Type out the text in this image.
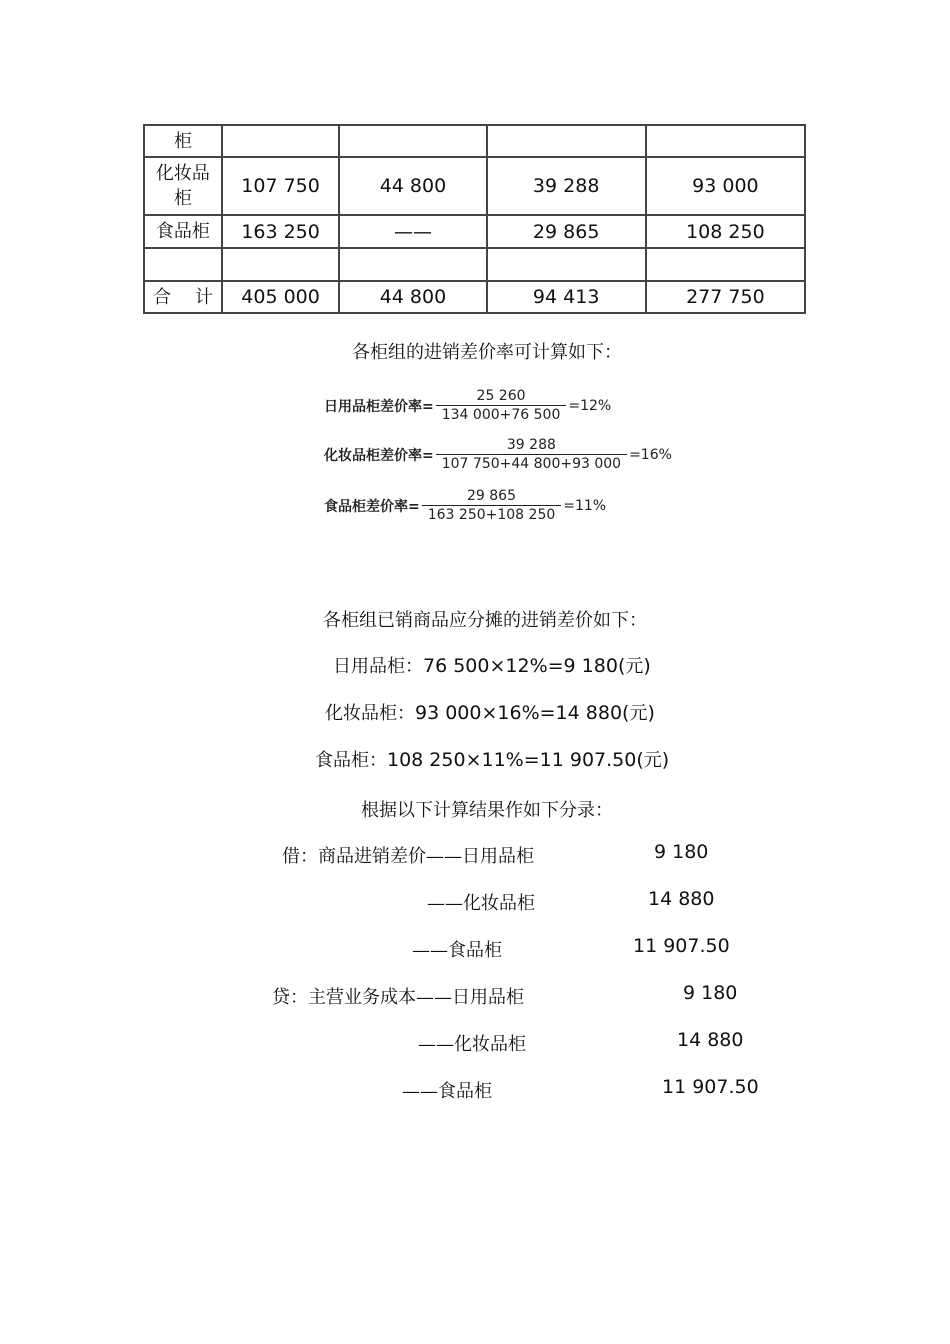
柜				
化妆品柜	107 750	44 800	39 288	93 000
食品柜	163 250	——	29 865	108 250

合 计	405 000	44 800	94 413	277 750
各柜组的进销差价率可计算如下：
日用品柜差价率= $\frac{25 260}{134 000+76 500} =12\%$
化妆品柜差价率= $\frac{39 288}{107 750+44 800+93 000} =16\%$
食品柜差价率= $\frac{29 865}{163 250+108 250} =11\%$
各柜组已销商品应分摊的进销差价如下：
日用品柜：76 500×12%=9 180(元)
化妆品柜：93 000×16%=14 880(元)
食品柜：108 250×11%=11 907.50(元)
根据以下计算结果作如下分录：
借：商品进销差价——日用品柜	9 180
——化妆品柜	14 880
——食品柜	11 907.50
贷：主营业务成本——日用品柜	9 180
——化妆品柜	14 880
——食品柜	11 907.50
